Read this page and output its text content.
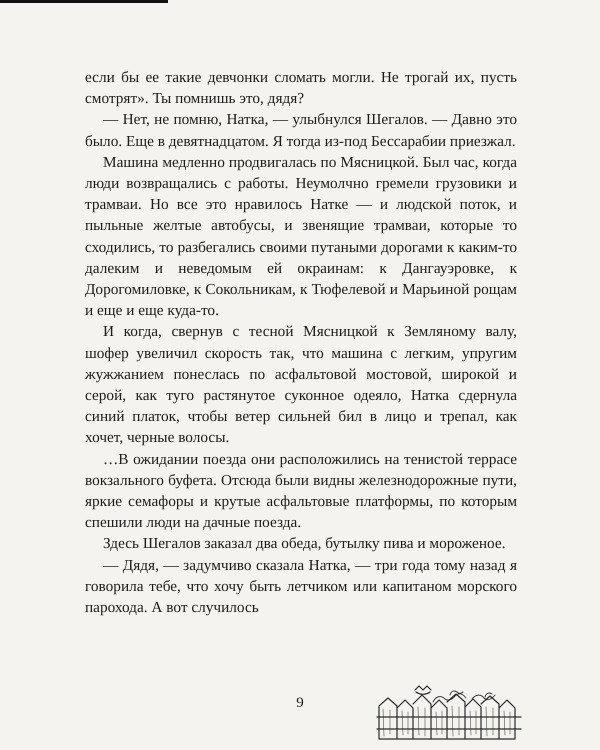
если бы ее такие девчонки сломать могли. Не трогай их, пусть смотрят». Ты помнишь это, дядя?

— Нет, не помню, Натка, — улыбнулся Шегалов. — Давно это было. Еще в девятнадцатом. Я тогда из-под Бессарабии приезжал.

Машина медленно продвигалась по Мясницкой. Был час, когда люди возвращались с работы. Неумолчно гремели грузовики и трамваи. Но все это нравилось Натке — и людской поток, и пыльные желтые автобусы, и звенящие трамваи, которые то сходились, то разбегались своими путаными дорогами к каким-то далеким и неведомым ей окраинам: к Дангауэровке, к Дорогомиловке, к Сокольникам, к Тюфелевой и Марьиной рощам и еще и еще куда-то.

И когда, свернув с тесной Мясницкой к Земляному валу, шофер увеличил скорость так, что машина с легким, упругим жужжанием понеслась по асфальтовой мостовой, широкой и серой, как туго растянутое суконное одеяло, Натка сдернула синий платок, чтобы ветер сильней бил в лицо и трепал, как хочет, черные волосы.

…В ожидании поезда они расположились на тенистой террасе вокзального буфета. Отсюда были видны железнодорожные пути, яркие семафоры и крутые асфальтовые платформы, по которым спешили люди на дачные поезда.

Здесь Шегалов заказал два обеда, бутылку пива и мороженое.

— Дядя, — задумчиво сказала Натка, — три года тому назад я говорила тебе, что хочу быть летчиком или капитаном морского парохода. А вот случилось

9
